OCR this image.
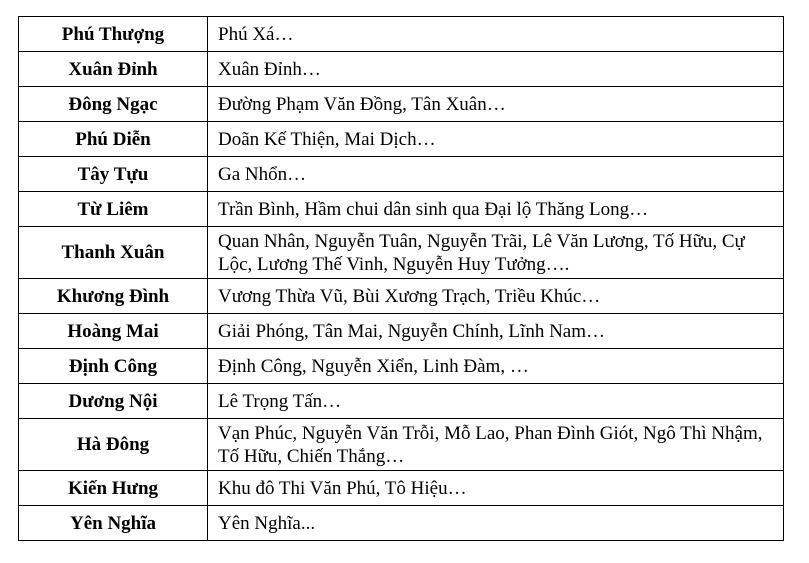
Phú Thượng	Phú Xá…
Xuân Đỉnh	Xuân Đỉnh…
Đông Ngạc	Đường Phạm Văn Đồng, Tân Xuân…
Phú Diễn	Doãn Kế Thiện, Mai Dịch…
Tây Tựu	Ga Nhổn…
Từ Liêm	Trần Bình, Hầm chui dân sinh qua Đại lộ Thăng Long…
Thanh Xuân	Quan Nhân, Nguyễn Tuân, Nguyễn Trãi, Lê Văn Lương, Tố Hữu, Cự Lộc, Lương Thế Vinh, Nguyễn Huy Tưởng….
Khương Đình	Vương Thừa Vũ, Bùi Xương Trạch, Triều Khúc…
Hoàng Mai	Giải Phóng, Tân Mai, Nguyễn Chính, Lĩnh Nam…
Định Công	Định Công, Nguyễn Xiển, Linh Đàm, …
Dương Nội	Lê Trọng Tấn…
Hà Đông	Vạn Phúc, Nguyễn Văn Trỗi, Mỗ Lao, Phan Đình Giót, Ngô Thì Nhậm, Tố Hữu, Chiến Thắng…
Kiến Hưng	Khu đô Thi Văn Phú, Tô Hiệu…
Yên Nghĩa	Yên Nghĩa...
